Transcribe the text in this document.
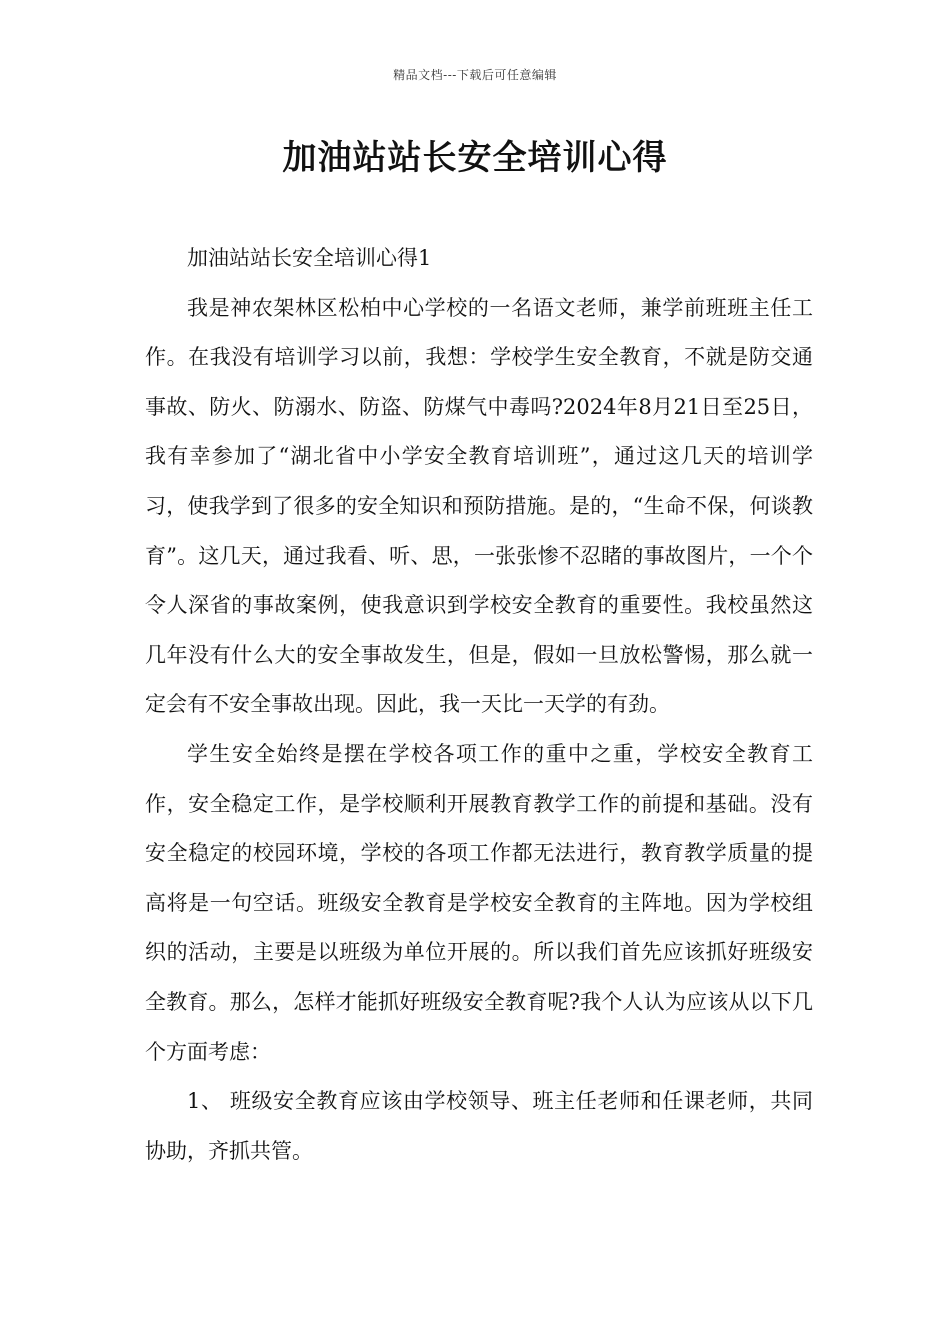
精品文档---下载后可任意编辑
加油站站长安全培训心得

加油站站长安全培训心得1

我是神农架林区松柏中心学校的一名语文老师，兼学前班班主任工作。在我没有培训学习以前，我想：学校学生安全教育，不就是防交通事故、防火、防溺水、防盗、防煤气中毒吗?2024年8月21日至25日，我有幸参加了“湖北省中小学安全教育培训班”，通过这几天的培训学习，使我学到了很多的安全知识和预防措施。是的，“生命不保，何谈教育”。这几天，通过我看、听、思，一张张惨不忍睹的事故图片，一个个令人深省的事故案例，使我意识到学校安全教育的重要性。我校虽然这几年没有什么大的安全事故发生，但是，假如一旦放松警惕，那么就一定会有不安全事故出现。因此，我一天比一天学的有劲。

学生安全始终是摆在学校各项工作的重中之重，学校安全教育工作，安全稳定工作，是学校顺利开展教育教学工作的前提和基础。没有安全稳定的校园环境，学校的各项工作都无法进行，教育教学质量的提高将是一句空话。班级安全教育是学校安全教育的主阵地。因为学校组织的活动，主要是以班级为单位开展的。所以我们首先应该抓好班级安全教育。那么，怎样才能抓好班级安全教育呢?我个人认为应该从以下几个方面考虑：

1、 班级安全教育应该由学校领导、班主任老师和任课老师，共同协助，齐抓共管。
